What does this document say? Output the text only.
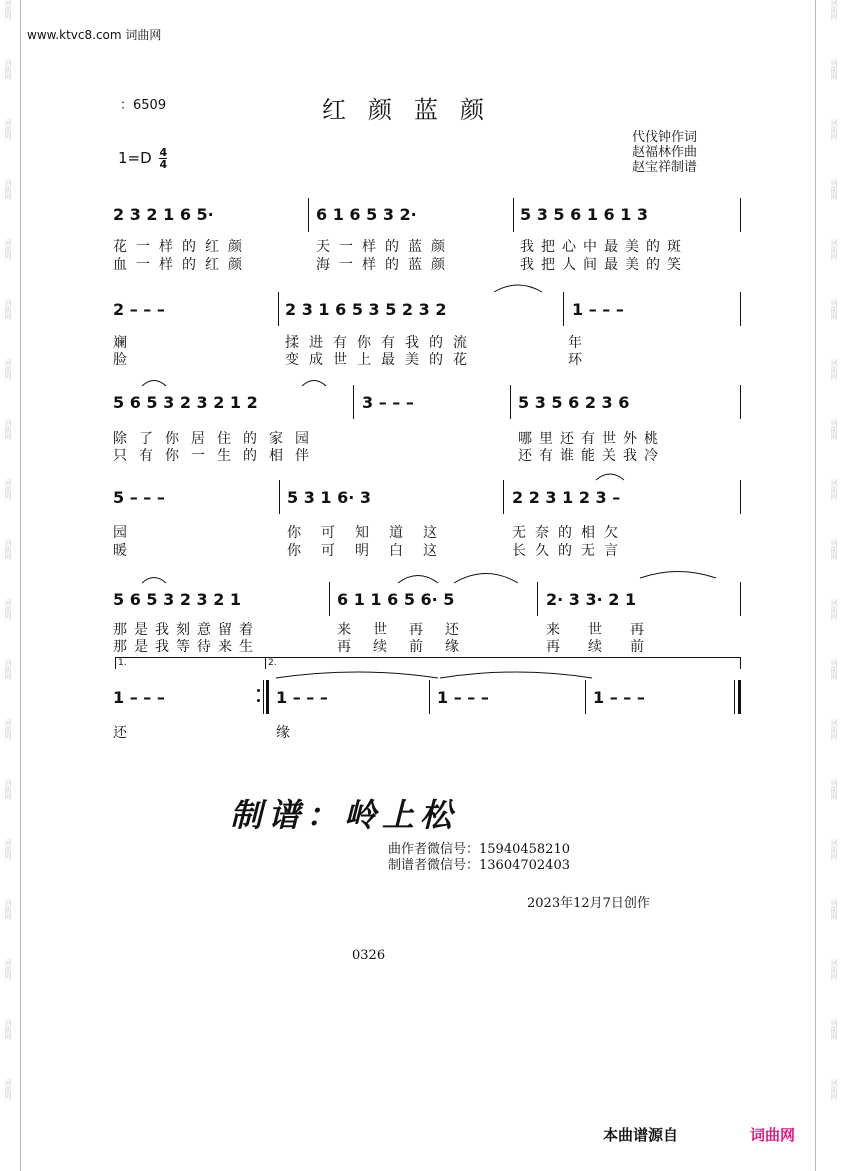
词
曲
网
词
曲
网
词
曲
网
词
曲
网
词
曲
网
词
曲
网
词
曲
网
词
曲
网
词
曲
网
词
曲
网
词
曲
网
词
曲
网
词
曲
网
词
曲
网
词
曲
网
词
曲
网
词
曲
网
词
曲
网
词
曲
网
词
曲
网
词
曲
网
词
曲
网
词
曲
网
词
曲
网
词
曲
网
词
曲
网
词
曲
网
词
曲
网
词
曲
网
词
曲
网
词
曲
网
词
曲
网
词
曲
网
词
曲
网
词
曲
网
词
曲
网
词
曲
网
词
曲
网
www.ktvc8.com 词曲网
：6509	红颜蓝颜
$1=D \frac{4}{4}$
代伐钟作词
赵福林作曲
赵宝祥制谱
2 3 2 1 6 5·	6 1 6 5 3 2·	5 3 5 6 1 6 1 3
花一样的红颜	天一样的蓝颜	我把心中最美的斑
血一样的红颜	海一样的蓝颜	我把人间最美的笑
2 – – –	2 3 1 6 5 3 5 2 3 2	1 – – –
斓	揉进有你有我的流	年
脸	变成世上最美的花	环
5 6 5 3 2 3 2 1 2	3 – – –	5 3 5 6 2 3 6
除了你居住的家园	哪里还有世外桃
只有你一生的相伴	还有谁能关我冷
5 – – –	5 3 1 6· 3	2 2 3 1 2 3 –
园	你可知道这	无奈的相欠
暖	你可明白这	长久的无言
5 6 5 3 2 3 2 1	6 1 1 6 5 6· 5	2· 3 3· 2 1
那是我刻意留着	来世再还	来世再
那是我等待来生	再续前缘	再续前
1.	2.
1 – – –	1 – – –	1 – – –	1 – – –
还	缘
制谱：岭上松
曲作者微信号：15940458210
制谱者微信号：13604702403
2023年12月7日创作
0326
本曲谱源自	词曲网
